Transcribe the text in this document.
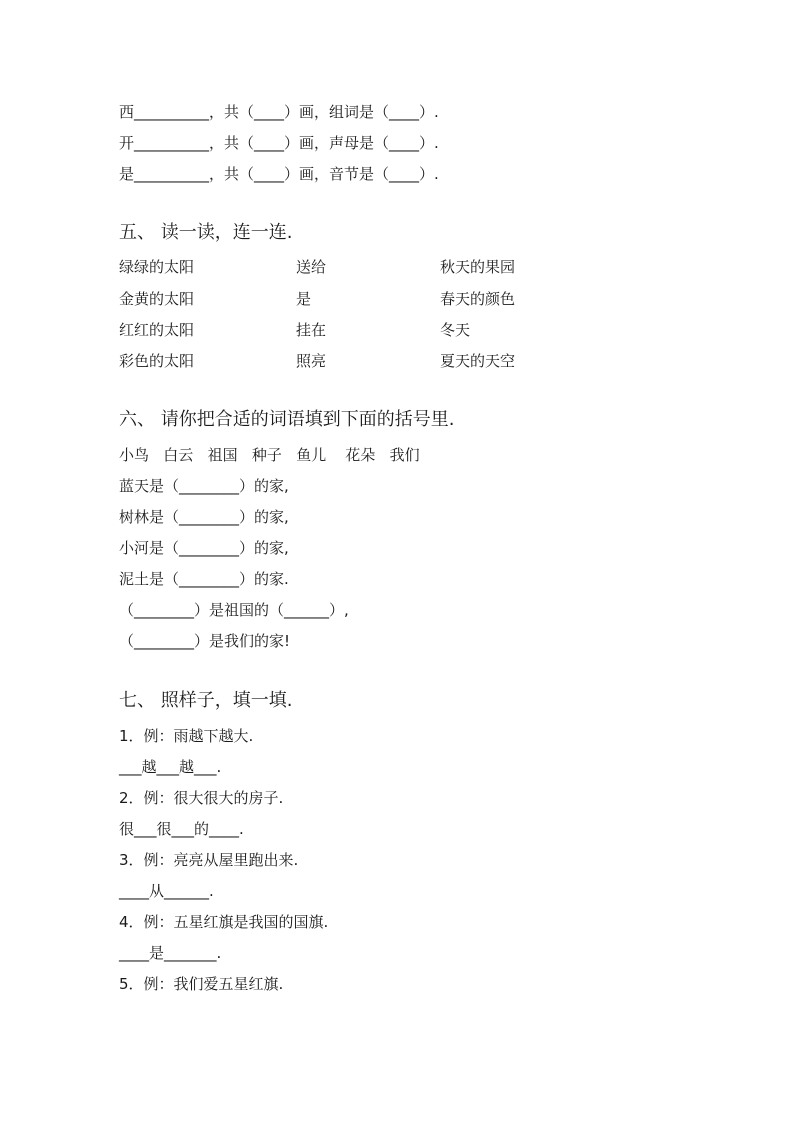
西__________，共（____）画，组词是（____）.
开__________，共（____）画，声母是（____）.
是__________，共（____）画，音节是（____）.
五、 读一读，连一连.
绿绿的太阳	送给	秋天的果园
金黄的太阳	是	春天的颜色
红红的太阳	挂在	冬天
彩色的太阳	照亮	夏天的天空
六、 请你把合适的词语填到下面的括号里.
小鸟   白云   祖国   种子   鱼儿    花朵   我们
蓝天是（________）的家,
树林是（________）的家,
小河是（________）的家,
泥土是（________）的家.
（________）是祖国的（______）,
（________）是我们的家!
七、 照样子，填一填.
1．例：雨越下越大.
___越___越___.
2．例：很大很大的房子.
很___很___的____.
3．例：亮亮从屋里跑出来.
____从______.
4．例：五星红旗是我国的国旗.
____是_______.
5．例：我们爱五星红旗.
